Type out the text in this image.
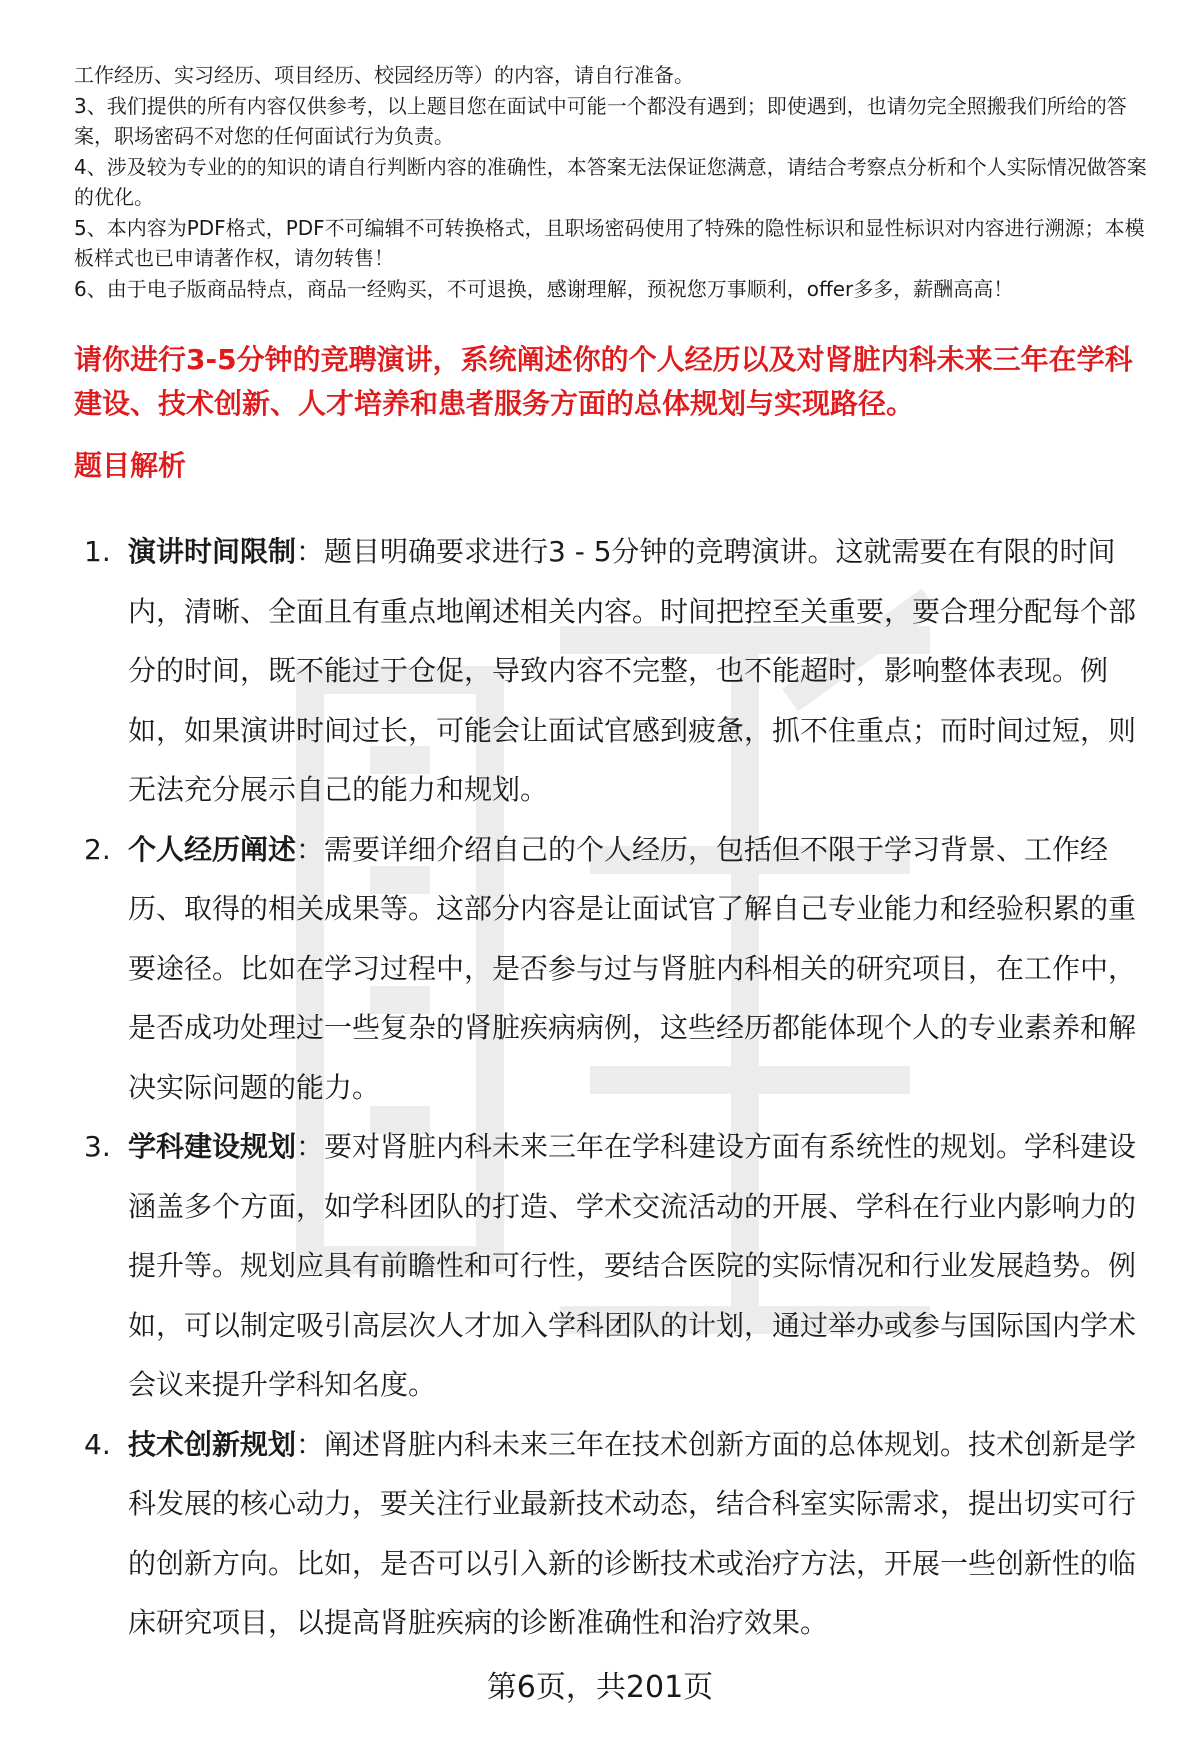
工作经历、实习经历、项目经历、校园经历等）的内容，请自行准备。
3、我们提供的所有内容仅供参考，以上题目您在面试中可能一个都没有遇到；即使遇到，也请勿完全照搬我们所给的答案，职场密码不对您的任何面试行为负责。
4、涉及较为专业的的知识的请自行判断内容的准确性，本答案无法保证您满意，请结合考察点分析和个人实际情况做答案的优化。
5、本内容为PDF格式，PDF不可编辑不可转换格式，且职场密码使用了特殊的隐性标识和显性标识对内容进行溯源；本模板样式也已申请著作权，请勿转售！
6、由于电子版商品特点，商品一经购买，不可退换，感谢理解，预祝您万事顺利，offer多多，薪酬高高！
请你进行3-5分钟的竞聘演讲，系统阐述你的个人经历以及对肾脏内科未来三年在学科建设、技术创新、人才培养和患者服务方面的总体规划与实现路径。
题目解析
1. 演讲时间限制：题目明确要求进行3 - 5分钟的竞聘演讲。这就需要在有限的时间内，清晰、全面且有重点地阐述相关内容。时间把控至关重要，要合理分配每个部分的时间，既不能过于仓促，导致内容不完整，也不能超时，影响整体表现。例如，如果演讲时间过长，可能会让面试官感到疲惫，抓不住重点；而时间过短，则无法充分展示自己的能力和规划。
2. 个人经历阐述：需要详细介绍自己的个人经历，包括但不限于学习背景、工作经历、取得的相关成果等。这部分内容是让面试官了解自己专业能力和经验积累的重要途径。比如在学习过程中，是否参与过与肾脏内科相关的研究项目，在工作中，是否成功处理过一些复杂的肾脏疾病病例，这些经历都能体现个人的专业素养和解决实际问题的能力。
3. 学科建设规划：要对肾脏内科未来三年在学科建设方面有系统性的规划。学科建设涵盖多个方面，如学科团队的打造、学术交流活动的开展、学科在行业内影响力的提升等。规划应具有前瞻性和可行性，要结合医院的实际情况和行业发展趋势。例如，可以制定吸引高层次人才加入学科团队的计划，通过举办或参与国际国内学术会议来提升学科知名度。
4. 技术创新规划：阐述肾脏内科未来三年在技术创新方面的总体规划。技术创新是学科发展的核心动力，要关注行业最新技术动态，结合科室实际需求，提出切实可行的创新方向。比如，是否可以引入新的诊断技术或治疗方法，开展一些创新性的临床研究项目，以提高肾脏疾病的诊断准确性和治疗效果。
第6页，共201页
